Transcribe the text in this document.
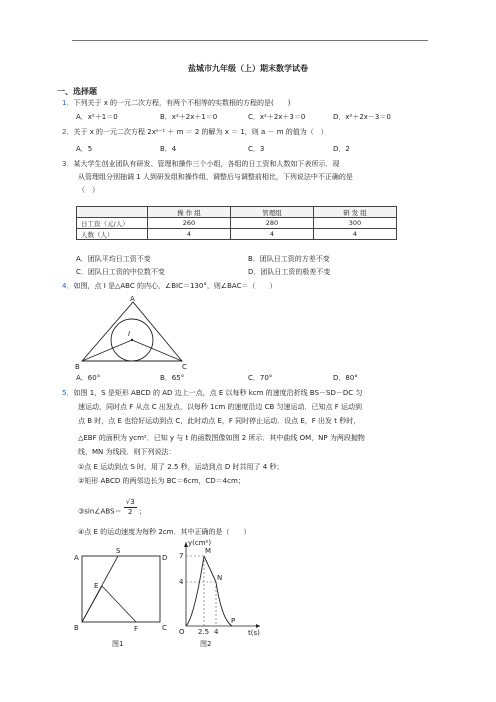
盐城市九年级（上）期末数学试卷
一、选择题
1．下列关于 x 的一元二次方程，有两个不相等的实数根的方程的是(　　)
A．x²＋1＝0	B．x²＋2x＋1＝0	C．x²＋2x＋3＝0	D．x²＋2x－3＝0
2．关于 x 的一元二次方程 2xᵃ⁻¹ ＋ m ＝ 2 的解为 x ＝ 1，则 a － m 的值为（　）
A．5	B．4	C．3	D．2
3．某大学生创业团队有研发、管理和操作三个小组，各组的日工资和人数如下表所示．现
从管理组分别抽调 1 人到研发组和操作组，调整后与调整前相比，下列说法中不正确的是
（　）
	操 作 组	管理组	研 发 组
日工资（元/人）	260	280	300
人数（人）	4	4	4
A．团队平均日工资不变	B．团队日工资的方差不变
C．团队日工资的中位数不变	D．团队日工资的极差不变
4．如图，点 I 是△ABC 的内心，∠BIC＝130°，则∠BAC＝（　　）
A
B	C
I
A．60°	B．65°	C．70°	D．80°
5．如图 1，S 是矩形 ABCD 的 AD 边上一点，点 E 以每秒 kcm 的速度沿折线 BS－SD－DC 匀
速运动，同时点 F 从点 C 出发点，以每秒 1cm 的速度沿边 CB 匀速运动．已知点 F 运动到
点 B 时，点 E 也恰好运动到点 C，此时动点 E，F 同时停止运动．设点 E，F 出发 t 秒时，
△EBF 的面积为 ycm²．已知 y 与 t 的函数图像如图 2 所示．其中曲线 OM，NP 为两段抛物
线，MN 为线段．则下列说法：
①点 E 运动到点 S 时，用了 2.5 秒，运动到点 D 时共用了 4 秒；
②矩形 ABCD 的两邻边长为 BC＝6cm，CD＝4cm；
③sin∠ABS＝ $\frac{√3}{2}$ ；
④点 E 的运动速度为每秒 2cm．其中正确的是（　　）
A
S
D
E
B	F	C
图1
y(cm²)
t(s)
7
4
2.5 4
M
N
P
O
图2
